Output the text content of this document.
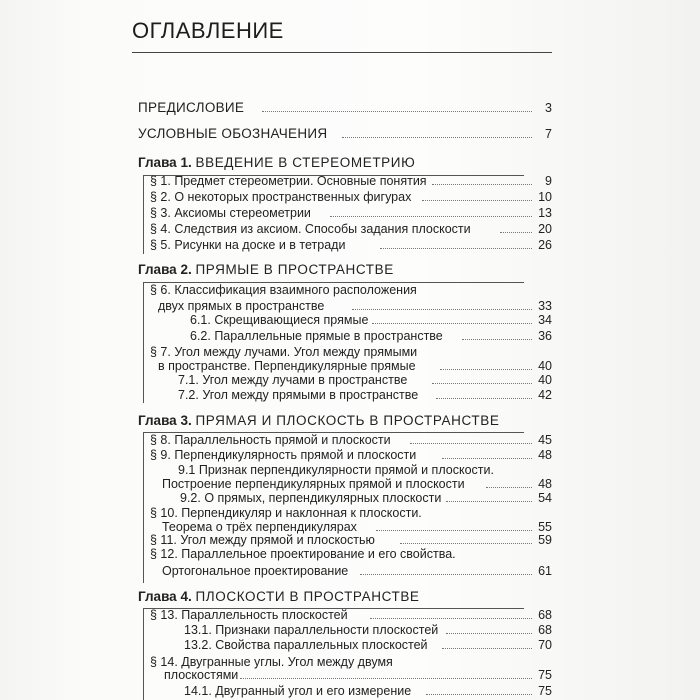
ОГЛАВЛЕНИЕ
ПРЕДИСЛОВИЕ	3
УСЛОВНЫЕ ОБОЗНАЧЕНИЯ	7
Глава 1. ВВЕДЕНИЕ В СТЕРЕОМЕТРИЮ
§ 1. Предмет стереометрии. Основные понятия	9
§ 2. О некоторых пространственных фигурах	10
§ 3. Аксиомы стереометрии	13
§ 4. Следствия из аксиом. Способы задания плоскости	20
§ 5. Рисунки на доске и в тетради	26
Глава 2. ПРЯМЫЕ В ПРОСТРАНСТВЕ
§ 6. Классификация взаимного расположения
двух прямых в пространстве	33
6.1. Скрещивающиеся прямые	34
6.2. Параллельные прямые в пространстве	36
§ 7. Угол между лучами. Угол между прямыми
в пространстве. Перпендикулярные прямые	40
7.1. Угол между лучами в пространстве	40
7.2. Угол между прямыми в пространстве	42
Глава 3. ПРЯМАЯ И ПЛОСКОСТЬ В ПРОСТРАНСТВЕ
§ 8. Параллельность прямой и плоскости	45
§ 9. Перпендикулярность прямой и плоскости	48
9.1 Признак перпендикулярности прямой и плоскости.
Построение перпендикулярных прямой и плоскости	48
9.2. О прямых, перпендикулярных плоскости	54
§ 10. Перпендикуляр и наклонная к плоскости.
Теорема о трёх перпендикулярах	55
§ 11. Угол между прямой и плоскостью	59
§ 12. Параллельное проектирование и его свойства.
Ортогональное проектирование	61
Глава 4. ПЛОСКОСТИ В ПРОСТРАНСТВЕ
§ 13. Параллельность плоскостей	68
13.1. Признаки параллельности плоскостей	68
13.2. Свойства параллельных плоскостей	70
§ 14. Двугранные углы. Угол между двумя
плоскостями	75
14.1. Двугранный угол и его измерение	75
